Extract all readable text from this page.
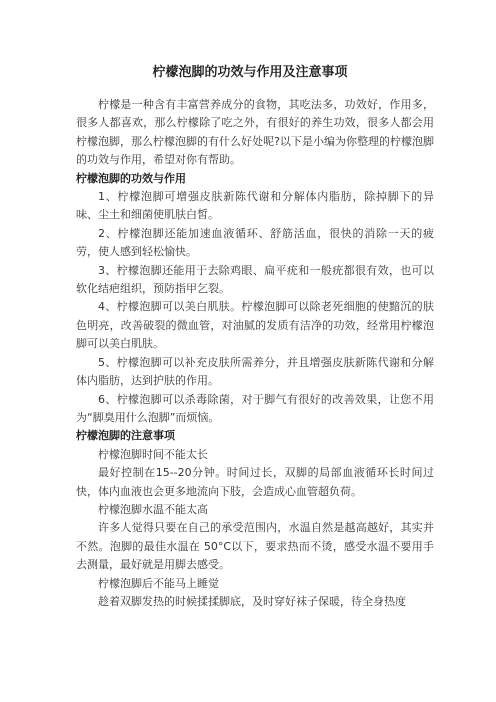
柠檬泡脚的功效与作用及注意事项

柠檬是一种含有丰富营养成分的食物，其吃法多，功效好，作用多，很多人都喜欢，那么柠檬除了吃之外，有很好的养生功效，很多人都会用柠檬泡脚，那么柠檬泡脚的有什么好处呢?以下是小编为你整理的柠檬泡脚的功效与作用，希望对你有帮助。

柠檬泡脚的功效与作用

1、柠檬泡脚可增强皮肤新陈代谢和分解体内脂肪，除掉脚下的异味、尘土和细菌使肌肤白皙。

2、柠檬泡脚还能加速血液循环、舒筋活血，很快的消除一天的疲劳，使人感到轻松愉快。

3、柠檬泡脚还能用于去除鸡眼、扁平疣和一般疣都很有效，也可以软化结疤组织，预防指甲乞裂。

4、柠檬泡脚可以美白肌肤。柠檬泡脚可以除老死细胞的使黯沉的肤色明亮，改善破裂的微血管，对油腻的发质有洁净的功效，经常用柠檬泡脚可以美白肌肤。

5、柠檬泡脚可以补充皮肤所需养分，并且增强皮肤新陈代谢和分解体内脂肪，达到护肤的作用。

6、柠檬泡脚可以杀毒除菌，对于脚气有很好的改善效果，让您不用为“脚臭用什么泡脚”而烦恼。

柠檬泡脚的注意事项

柠檬泡脚时间不能太长

最好控制在15--20分钟。时间过长，双脚的局部血液循环长时间过快，体内血液也会更多地流向下肢，会造成心血管超负荷。

柠檬泡脚水温不能太高

许多人觉得只要在自己的承受范围内，水温自然是越高越好，其实并不然。泡脚的最佳水温在 50°C以下，要求热而不烫，感受水温不要用手去测量，最好就是用脚去感受。

柠檬泡脚后不能马上睡觉

趁着双脚发热的时候揉揉脚底，及时穿好袜子保暖，待全身热度
